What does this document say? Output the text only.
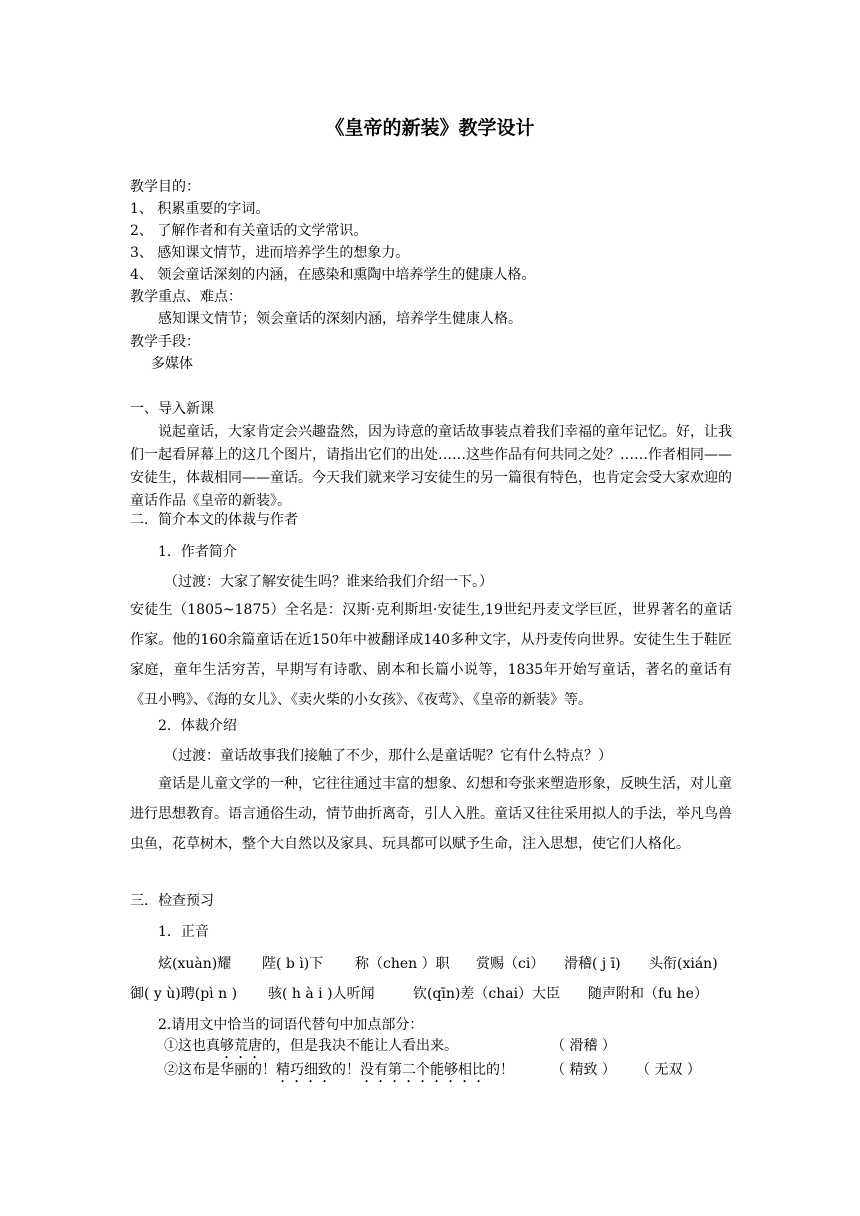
《皇帝的新装》教学设计
教学目的：
1、 积累重要的字词。
2、 了解作者和有关童话的文学常识。
3、 感知课文情节，进而培养学生的想象力。
4、 领会童话深刻的内涵，在感染和熏陶中培养学生的健康人格。
教学重点、难点：
感知课文情节；领会童话的深刻内涵，培养学生健康人格。
教学手段：
多媒体
一、导入新课
说起童话，大家肯定会兴趣盎然，因为诗意的童话故事装点着我们幸福的童年记忆。好，让我们一起看屏幕上的这几个图片，请指出它们的出处……这些作品有何共同之处？……作者相同——安徒生，体裁相同——童话。今天我们就来学习安徒生的另一篇很有特色，也肯定会受大家欢迎的童话作品《皇帝的新装》。
二．简介本文的体裁与作者
1．作者简介
（过渡：大家了解安徒生吗？谁来给我们介绍一下。）
安徒生（1805~1875）全名是：汉斯·克利斯坦·安徒生,19世纪丹麦文学巨匠，世界著名的童话作家。他的160余篇童话在近150年中被翻译成140多种文字，从丹麦传向世界。安徒生生于鞋匠家庭，童年生活穷苦，早期写有诗歌、剧本和长篇小说等，1835年开始写童话，著名的童话有《丑小鸭》、《海的女儿》、《卖火柴的小女孩》、《夜莺》、《皇帝的新装》等。
2．体裁介绍
（过渡：童话故事我们接触了不少，那什么是童话呢？它有什么特点？）
童话是儿童文学的一种，它往往通过丰富的想象、幻想和夸张来塑造形象，反映生活，对儿童进行思想教育。语言通俗生动，情节曲折离奇，引人入胜。童话又往往采用拟人的手法，举凡鸟兽虫鱼，花草树木，整个大自然以及家具、玩具都可以赋予生命，注入思想，使它们人格化。
三．检查预习
1．正音
炫(xuàn)耀 陛( b ì)下 称（chen ）职 赏赐（ci） 滑稽( j ī) 头衔(xián)
御( y ù)聘(pì n ) 骇( h à i )人听闻	钦(qīn)差（chai）大臣 随声附和（fu he）
2.请用文中恰当的词语代替句中加点部分：
①这也真够荒唐的，但是我决不能让人看出来。	（ 滑稽 ）
②这布是华丽的！精巧细致的！没有第二个能够相比的！	（ 精致 ） （ 无双 ）
